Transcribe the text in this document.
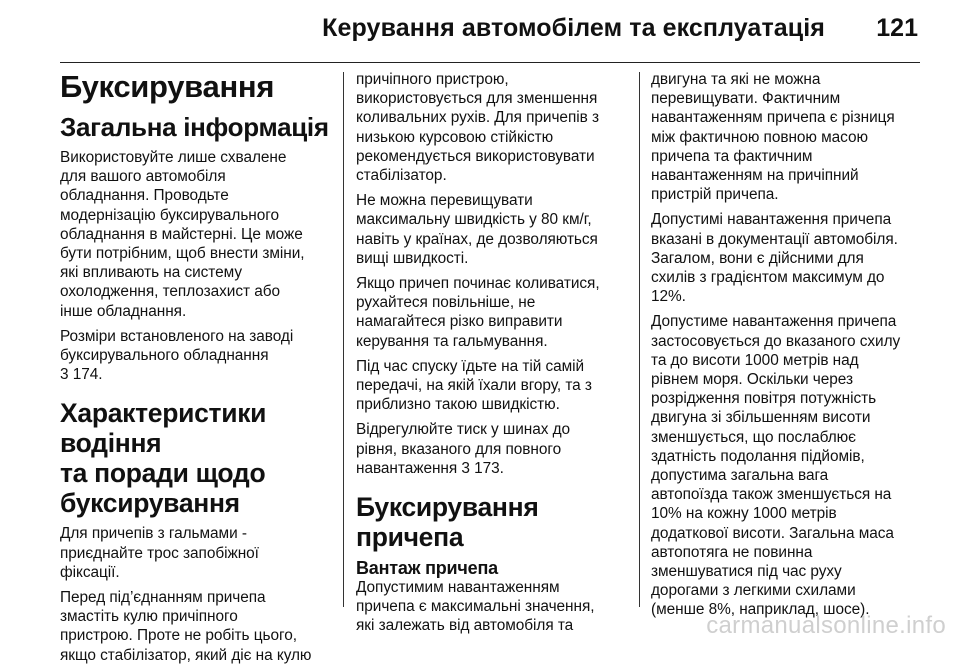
Керування автомобілем та експлуатація 121
Буксирування
Загальна інформація

Використовуйте лише схвалене
для вашого автомобіля
обладнання. Проводьте
модернізацію буксирувального
обладнання в майстерні. Це може
бути потрібним, щоб внести зміни,
які впливають на систему
охолодження, теплозахист або
інше обладнання.

Розміри встановленого на заводі
буксирувального обладнання
3 174.

Характеристики водіння
та поради щодо
буксирування

Для причепів з гальмами -
приєднайте трос запобіжної
фіксації.

Перед під’єднанням причепа
змастіть кулю причіпного
пристрою. Проте не робіть цього,
якщо стабілізатор, який діє на кулю

причіпного пристрою,
використовується для зменшення
коливальних рухів. Для причепів з
низькою курсовою стійкістю
рекомендується використовувати
стабілізатор.

Не можна перевищувати
максимальну швидкість у 80 км/г,
навіть у країнах, де дозволяються
вищі швидкості.

Якщо причеп починає коливатися,
рухайтеся повільніше, не
намагайтеся різко виправити
керування та гальмування.

Під час спуску їдьте на тій самій
передачі, на якій їхали вгору, та з
приблизно такою швидкістю.

Відрегулюйте тиск у шинах до
рівня, вказаного для повного
навантаження 3 173.

Буксирування причепа
Вантаж причепа

Допустимим навантаженням
причепа є максимальні значення,
які залежать від автомобіля та

двигуна та які не можна
перевищувати. Фактичним
навантаженням причепа є різниця
між фактичною повною масою
причепа та фактичним
навантаженням на причіпний
пристрій причепа.

Допустимі навантаження причепа
вказані в документації автомобіля.
Загалом, вони є дійсними для
схилів з градієнтом максимум до
12%.

Допустиме навантаження причепа
застосовується до вказаного схилу
та до висоти 1000 метрів над
рівнем моря. Оскільки через
розрідження повітря потужність
двигуна зі збільшенням висоти
зменшується, що послаблює
здатність подолання підйомів,
допустима загальна вага
автопоїзда також зменшується на
10% на кожну 1000 метрів
додаткової висоти. Загальна маса
автопотяга не повинна
зменшуватися під час руху
дорогами з легкими схилами
(менше 8%, наприклад, шосе).

carmanualsonline.info
